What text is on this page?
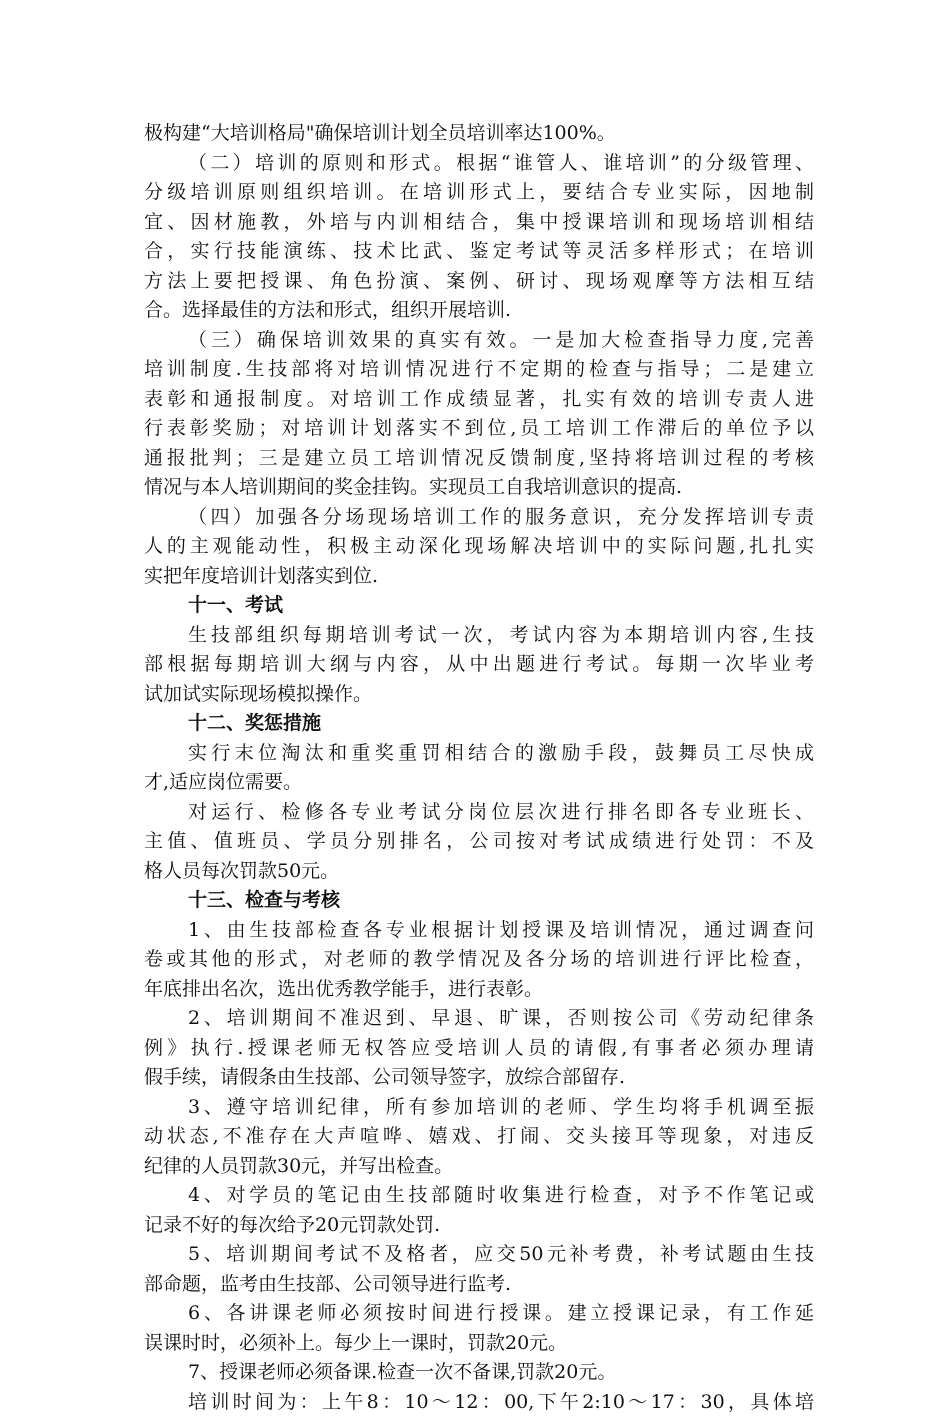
极构建“大培训格局"确保培训计划全员培训率达100%。
（二）培训的原则和形式。根据“谁管人、谁培训”的分级管理、
分级培训原则组织培训。在培训形式上，要结合专业实际，因地制
宜、因材施教，外培与内训相结合，集中授课培训和现场培训相结
合，实行技能演练、技术比武、鉴定考试等灵活多样形式；在培训
方法上要把授课、角色扮演、案例、研讨、现场观摩等方法相互结
合。选择最佳的方法和形式，组织开展培训.
（三）确保培训效果的真实有效。一是加大检查指导力度,完善
培训制度.生技部将对培训情况进行不定期的检查与指导；二是建立
表彰和通报制度。对培训工作成绩显著，扎实有效的培训专责人进
行表彰奖励；对培训计划落实不到位,员工培训工作滞后的单位予以
通报批判；三是建立员工培训情况反馈制度,坚持将培训过程的考核
情况与本人培训期间的奖金挂钩。实现员工自我培训意识的提高.
（四）加强各分场现场培训工作的服务意识，充分发挥培训专责
人的主观能动性，积极主动深化现场解决培训中的实际问题,扎扎实
实把年度培训计划落实到位.
十一、考试
生技部组织每期培训考试一次，考试内容为本期培训内容,生技
部根据每期培训大纲与内容，从中出题进行考试。每期一次毕业考
试加试实际现场模拟操作。
十二、奖惩措施
实行末位淘汰和重奖重罚相结合的激励手段，鼓舞员工尽快成
才,适应岗位需要。
对运行、检修各专业考试分岗位层次进行排名即各专业班长、
主值、值班员、学员分别排名，公司按对考试成绩进行处罚：不及
格人员每次罚款50元。
十三、检查与考核
1、由生技部检查各专业根据计划授课及培训情况，通过调查问
卷或其他的形式，对老师的教学情况及各分场的培训进行评比检查，
年底排出名次，选出优秀教学能手，进行表彰。
2、培训期间不准迟到、早退、旷课，否则按公司《劳动纪律条
例》执行.授课老师无权答应受培训人员的请假,有事者必须办理请
假手续，请假条由生技部、公司领导签字，放综合部留存.
3、遵守培训纪律，所有参加培训的老师、学生均将手机调至振
动状态,不准存在大声喧哗、嬉戏、打闹、交头接耳等现象，对违反
纪律的人员罚款30元，并写出检查。
4、对学员的笔记由生技部随时收集进行检查，对予不作笔记或
记录不好的每次给予20元罚款处罚.
5、培训期间考试不及格者，应交50元补考费，补考试题由生技
部命题，监考由生技部、公司领导进行监考.
6、各讲课老师必须按时间进行授课。建立授课记录，有工作延
误课时时，必须补上。每少上一课时，罚款20元。
7、授课老师必须备课.检查一次不备课,罚款20元。
培训时间为：上午8：10～12：00,下午2:10～17：30，具体培
